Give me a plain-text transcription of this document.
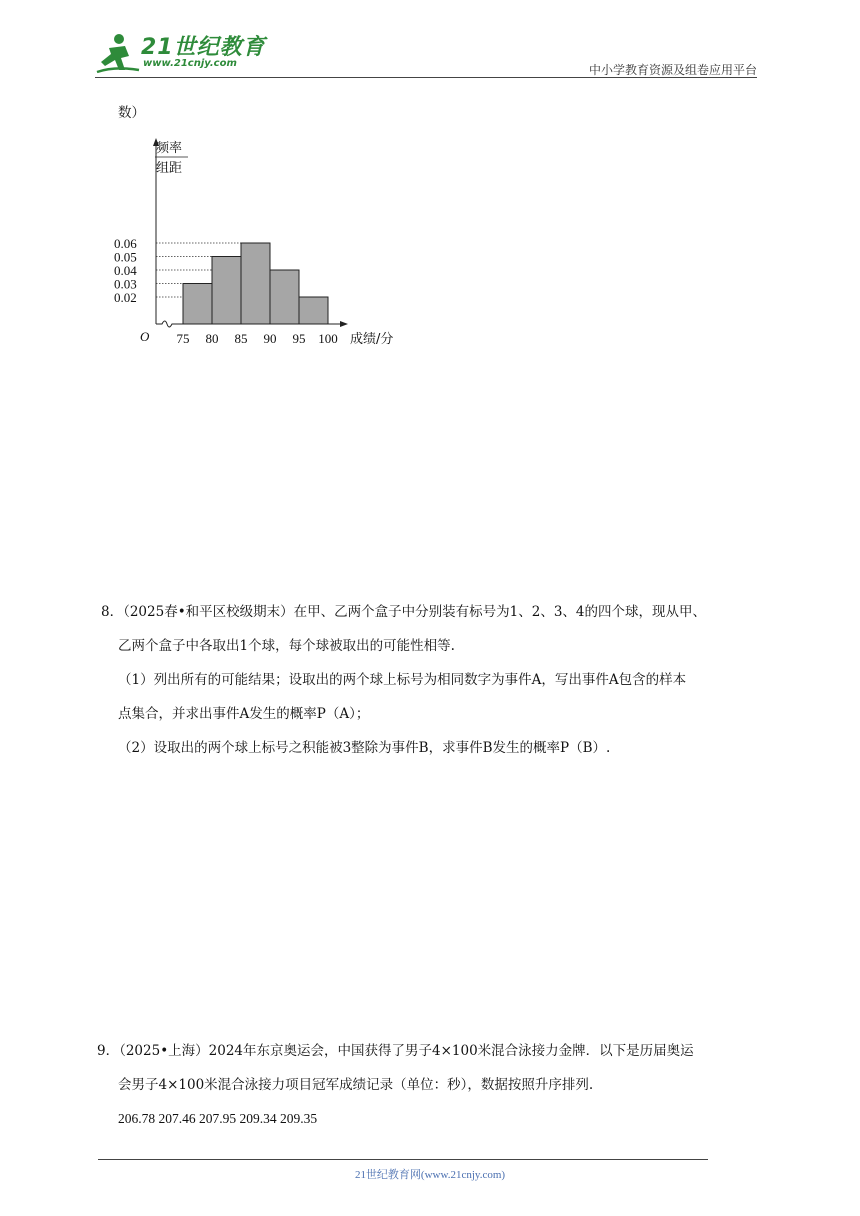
21世纪教育
www.21cnjy.com	中小学教育资源及组卷应用平台
数）
0.06
0.05
0.04
0.03
0.02
频率
组距
75 80 85 90 95 100
O	成绩/分
8．（2025春•和平区校级期末）在甲、乙两个盒子中分别装有标号为1、2、3、4的四个球，现从甲、
乙两个盒子中各取出1个球，每个球被取出的可能性相等.
（1）列出所有的可能结果；设取出的两个球上标号为相同数字为事件A，写出事件A包含的样本
点集合，并求出事件A发生的概率P（A）；
（2）设取出的两个球上标号之积能被3整除为事件B，求事件B发生的概率P（B）.
9．（2025•上海）2024年东京奥运会，中国获得了男子4×100米混合泳接力金牌．以下是历届奥运
会男子4×100米混合泳接力项目冠军成绩记录（单位：秒），数据按照升序排列.
206.78 207.46 207.95 209.34 209.35
21世纪教育网(www.21cnjy.com)
